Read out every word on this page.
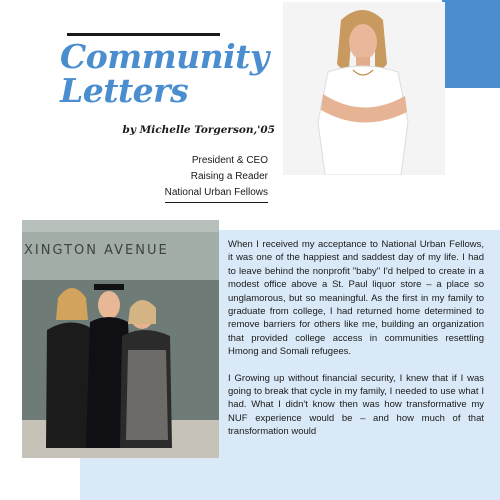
Community
Letters
by Michelle Torgerson,'05
President & CEO
Raising a Reader
National Urban Fellows
XINGTON AVENUE	When I received my acceptance to National Urban Fellows, it was one of the happiest and saddest day of my life. I had to leave behind the nonprofit "baby" I'd helped to create in a modest office above a St. Paul liquor store – a place so unglamorous, but so meaningful. As the first in my family to graduate from college, I had returned home determined to remove barriers for others like me, building an organization that provided college access in communities resettling Hmong and Somali refugees.

I Growing up without financial security, I knew that if I was going to break that cycle in my family, I needed to use what I had. What I didn't know then was how transformative my NUF experience would be – and how much of that transformation would
